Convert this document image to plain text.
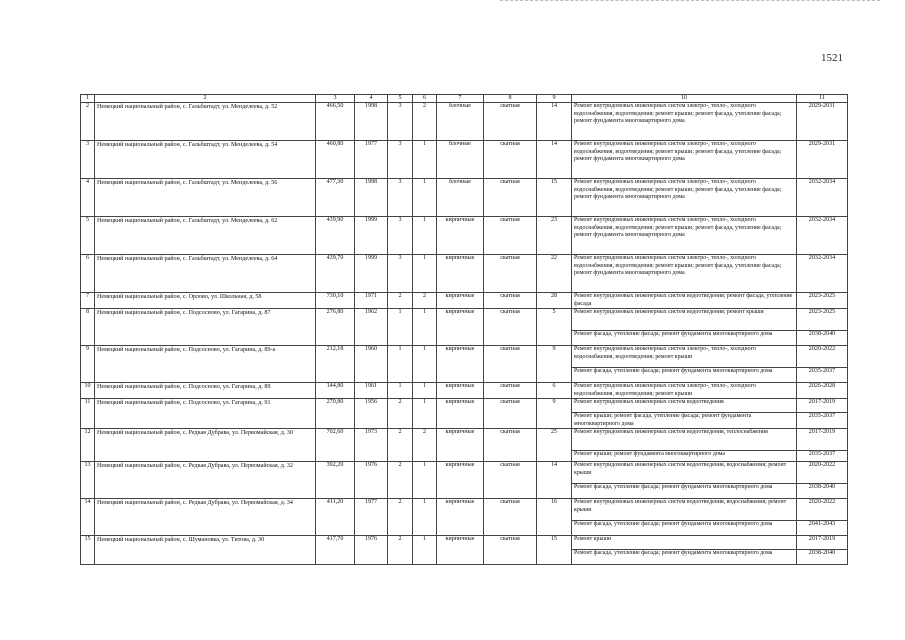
1521
1	2	3	4	5	6	7	8	9	10	11
2	Немецкий национальный район, с. Гальбштадт, ул. Менделеева, д. 52	466,50	1998	3	2	блочные	скатная	14	Ремонт внутридомовых инженерных систем электро-, тепло-, холодного водоснабжения, водоотведения; ремонт крыши; ремонт фасада, утепление фасада; ремонт фундамента многоквартирного дома	2029-2031
3	Немецкий национальный район, с. Гальбштадт, ул. Менделеева, д. 54	460,80	1977	3	1	блочные	скатная	14	Ремонт внутридомовых инженерных систем электро-, тепло-, холодного водоснабжения, водоотведения; ремонт крыши; ремонт фасада, утепление фасада; ремонт фундамента многоквартирного дома	2029-2031
4	Немецкий национальный район, с. Гальбштадт, ул. Менделеева, д. 56	477,30	1998	3	1	блочные	скатная	15	Ремонт внутридомовых инженерных систем электро-, тепло-, холодного водоснабжения, водоотведения; ремонт крыши; ремонт фасада, утепление фасада; ремонт фундамента многоквартирного дома	2032-2034
5	Немецкий национальный район, с. Гальбштадт, ул. Менделеева, д. 62	439,90	1999	3	1	кирпичные	скатная	23	Ремонт внутридомовых инженерных систем электро-, тепло-, холодного водоснабжения, водоотведения; ремонт крыши; ремонт фасада, утепление фасада; ремонт фундамента многоквартирного дома	2032-2034
6	Немецкий национальный район, с. Гальбштадт, ул. Менделеева, д. 64	439,70	1999	3	1	кирпичные	скатная	22	Ремонт внутридомовых инженерных систем электро-, тепло-, холодного водоснабжения, водоотведения; ремонт крыши; ремонт фасада, утепление фасада; ремонт фундамента многоквартирного дома	2032-2034
7	Немецкий национальный район, с. Орлово, ул. Школьная, д. 58	730,10	1971	2	2	кирпичные	скатная	28	Ремонт внутридомовых инженерных систем водоотведения; ремонт фасада, утепление фасада	2023-2025
8	Немецкий национальный район, с. Подсосново, ул. Гагарина, д. 87	276,80	1962	1	1	кирпичные	скатная	5	Ремонт внутридомовых инженерных систем водоотведения; ремонт крыши	2023-2025
									Ремонт фасада, утепление фасада; ремонт фундамента многоквартирного дома	2038-2040
9	Немецкий национальный район, с. Подсосново, ул. Гагарина, д. 89-а	212,18	1960	1	1	кирпичные	скатная	9	Ремонт внутридомовых инженерных систем электро-, тепло-, холодного водоснабжения, водоотведения; ремонт крыши	2020-2022
									Ремонт фасада, утепление фасада; ремонт фундамента многоквартирного дома	2035-2037
10	Немецкий национальный район, с. Подсосново, ул. Гагарина, д. 89	144,80	1961	1	1	кирпичные	скатная	6	Ремонт внутридомовых инженерных систем электро-, тепло-, холодного водоснабжения, водоотведения; ремонт крыши	2026-2028
11	Немецкий национальный район, с. Подсосново, ул. Гагарина, д. 91	270,80	1956	2	1	кирпичные	скатная	9	Ремонт внутридомовых инженерных систем водоотведения	2017-2019
									Ремонт крыши; ремонт фасада, утепление фасада; ремонт фундамента многоквартирного дома	2035-2037
12	Немецкий национальный район, с. Редкая Дубрава, ул. Первомайская, д. 30	702,60	1973	2	2	кирпичные	скатная	25	Ремонт внутридомовых инженерных систем водоотведения, теплоснабжения	2017-2019
									Ремонт крыши; ремонт фундамента многоквартирного дома	2035-2037
13	Немецкий национальный район, с. Редкая Дубрава, ул. Первомайская, д. 32	392,20	1976	2	1	кирпичные	скатная	14	Ремонт внутридомовых инженерных систем водоотведения, водоснабжения; ремонт крыши	2020-2022
									Ремонт фасада, утепление фасада; ремонт фундамента многоквартирного дома	2038-2040
14	Немецкий национальный район, с. Редкая Дубрава, ул. Первомайская, д. 34	411,20	1977	2	1	кирпичные	скатная	16	Ремонт внутридомовых инженерных систем водоотведения, водоснабжения; ремонт крыши	2020-2022
									Ремонт фасада, утепление фасада; ремонт фундамента многоквартирного дома	2041-2043
15	Немецкий национальный район, с. Шумановка, ул. Титова, д. 30	417,70	1976	2	1	кирпичные	скатная	15	Ремонт крыши	2017-2019
									Ремонт фасада, утепление фасада; ремонт фундамента многоквартирного дома	2038-2040
